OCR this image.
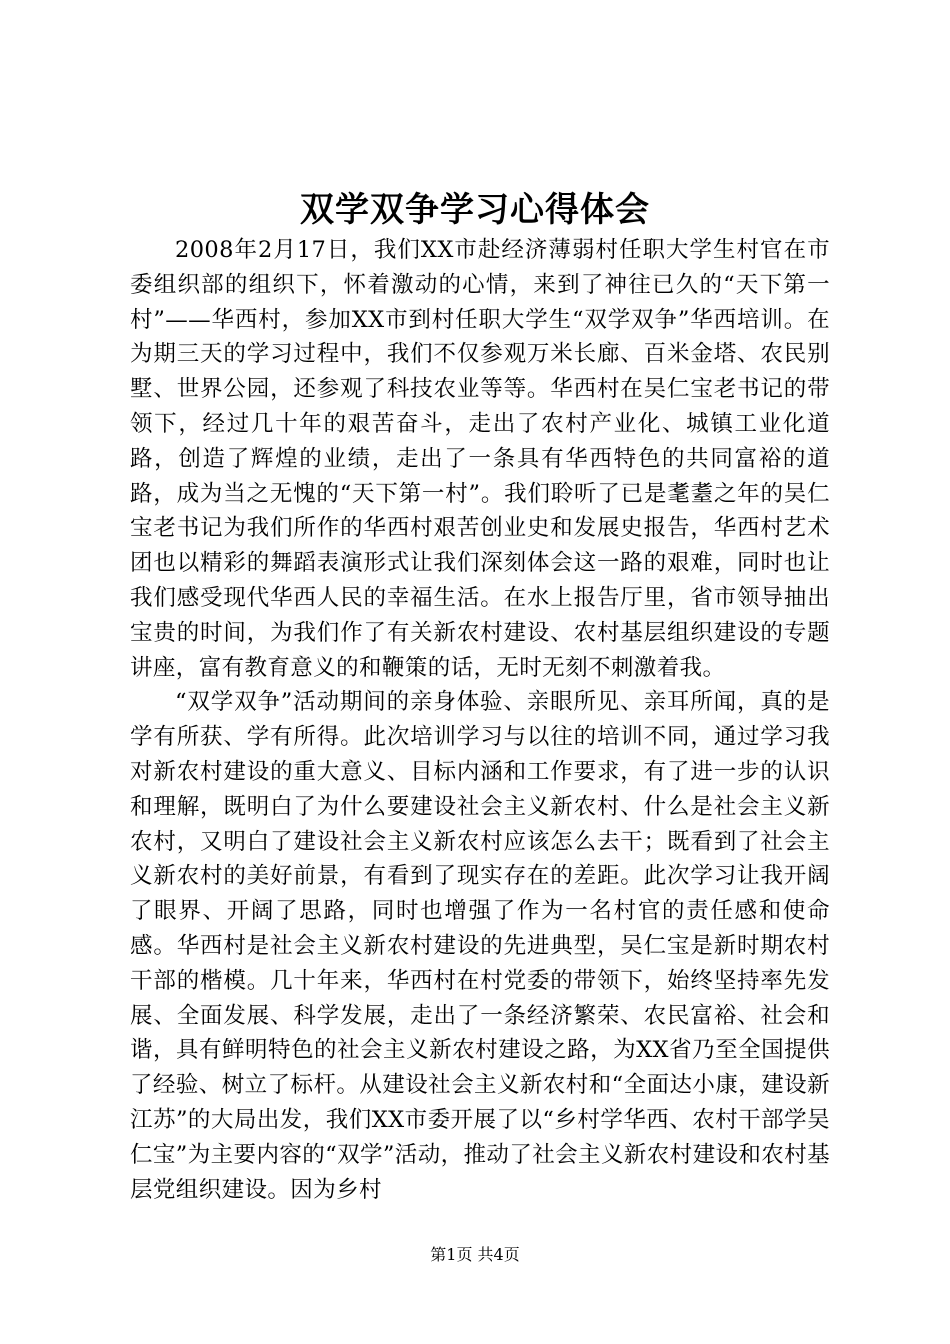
双学双争学习心得体会

2008年2月17日，我们XX市赴经济薄弱村任职大学生村官在市委组织部的组织下，怀着激动的心情，来到了神往已久的“天下第一村”——华西村，参加XX市到村任职大学生“双学双争”华西培训。在为期三天的学习过程中，我们不仅参观万米长廊、百米金塔、农民别墅、世界公园，还参观了科技农业等等。华西村在吴仁宝老书记的带领下，经过几十年的艰苦奋斗，走出了农村产业化、城镇工业化道路，创造了辉煌的业绩，走出了一条具有华西特色的共同富裕的道路，成为当之无愧的“天下第一村”。我们聆听了已是耄耋之年的吴仁宝老书记为我们所作的华西村艰苦创业史和发展史报告，华西村艺术团也以精彩的舞蹈表演形式让我们深刻体会这一路的艰难，同时也让我们感受现代华西人民的幸福生活。在水上报告厅里，省市领导抽出宝贵的时间，为我们作了有关新农村建设、农村基层组织建设的专题讲座，富有教育意义的和鞭策的话，无时无刻不刺激着我。

“双学双争”活动期间的亲身体验、亲眼所见、亲耳所闻，真的是学有所获、学有所得。此次培训学习与以往的培训不同，通过学习我对新农村建设的重大意义、目标内涵和工作要求，有了进一步的认识和理解，既明白了为什么要建设社会主义新农村、什么是社会主义新农村，又明白了建设社会主义新农村应该怎么去干；既看到了社会主义新农村的美好前景，有看到了现实存在的差距。此次学习让我开阔了眼界、开阔了思路，同时也增强了作为一名村官的责任感和使命感。华西村是社会主义新农村建设的先进典型，吴仁宝是新时期农村干部的楷模。几十年来，华西村在村党委的带领下，始终坚持率先发展、全面发展、科学发展，走出了一条经济繁荣、农民富裕、社会和谐，具有鲜明特色的社会主义新农村建设之路，为XX省乃至全国提供了经验、树立了标杆。从建设社会主义新农村和“全面达小康，建设新江苏”的大局出发，我们XX市委开展了以“乡村学华西、农村干部学吴仁宝”为主要内容的“双学”活动，推动了社会主义新农村建设和农村基层党组织建设。因为乡村

第1页 共4页
